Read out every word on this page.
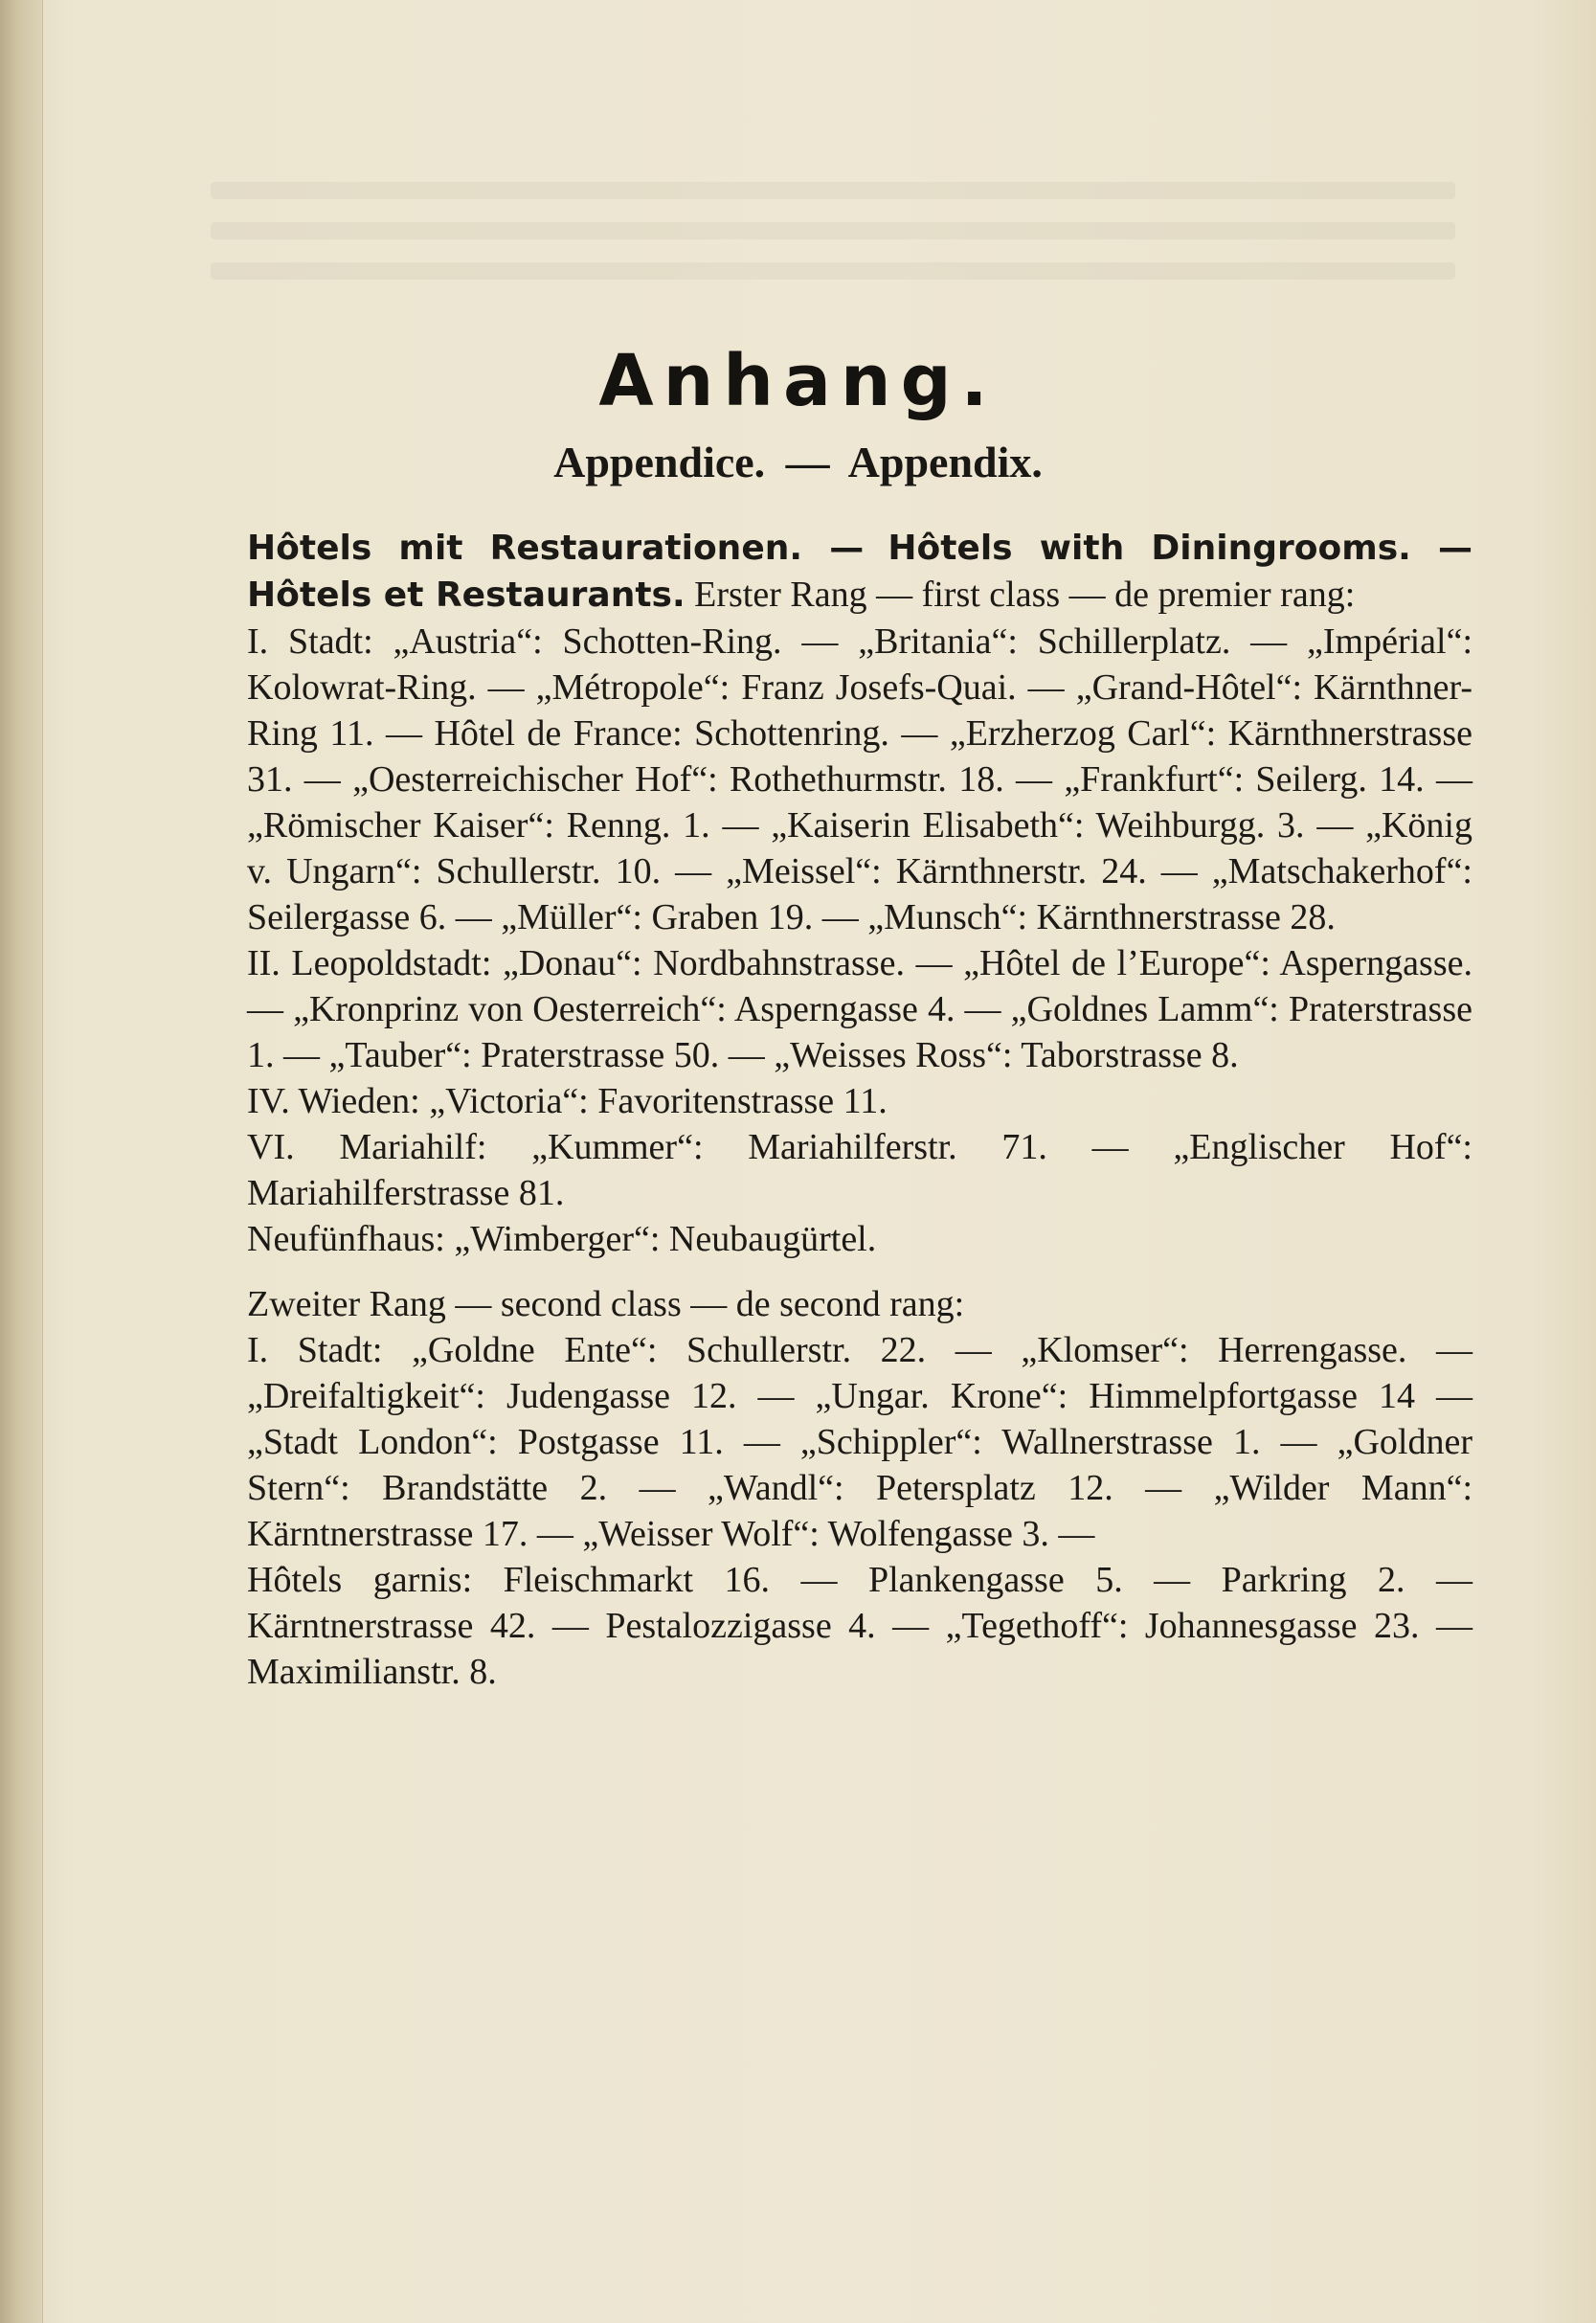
Anhang.
Appendice. — Appendix.

Hôtels mit Restaurationen. — Hôtels with Diningrooms. — Hôtels et Restaurants. Erster Rang — first class — de premier rang:

I. Stadt: „Austria“: Schotten-Ring. — „Britania“: Schillerplatz. — „Impérial“: Kolowrat-Ring. — „Métropole“: Franz Josefs-Quai. — „Grand-Hôtel“: Kärnthner-Ring 11. — Hôtel de France: Schottenring. — „Erzherzog Carl“: Kärnthnerstrasse 31. — „Oesterreichischer Hof“: Rothethurmstr. 18. — „Frankfurt“: Seilerg. 14. — „Römischer Kaiser“: Renng. 1. — „Kaiserin Elisabeth“: Weihburgg. 3. — „König v. Ungarn“: Schullerstr. 10. — „Meissel“: Kärnthnerstr. 24. — „Matschakerhof“: Seilergasse 6. — „Müller“: Graben 19. — „Munsch“: Kärnthnerstrasse 28.

II. Leopoldstadt: „Donau“: Nordbahnstrasse. — „Hôtel de l’Europe“: Asperngasse. — „Kronprinz von Oesterreich“: Asperngasse 4. — „Goldnes Lamm“: Praterstrasse 1. — „Tauber“: Praterstrasse 50. — „Weisses Ross“: Taborstrasse 8.

IV. Wieden: „Victoria“: Favoritenstrasse 11.

VI. Mariahilf: „Kummer“: Mariahilferstr. 71. — „Englischer Hof“: Mariahilferstrasse 81.

Neufünfhaus: „Wimberger“: Neubaugürtel.

Zweiter Rang — second class — de second rang:

I. Stadt: „Goldne Ente“: Schullerstr. 22. — „Klomser“: Herrengasse. — „Dreifaltigkeit“: Judengasse 12. — „Ungar. Krone“: Himmelpfortgasse 14 — „Stadt London“: Postgasse 11. — „Schippler“: Wallnerstrasse 1. — „Goldner Stern“: Brandstätte 2. — „Wandl“: Petersplatz 12. — „Wilder Mann“: Kärntnerstrasse 17. — „Weisser Wolf“: Wolfengasse 3. —

Hôtels garnis: Fleischmarkt 16. — Plankengasse 5. — Parkring 2. — Kärntnerstrasse 42. — Pestalozzigasse 4. — „Tegethoff“: Johannesgasse 23. — Maximilianstr. 8.
